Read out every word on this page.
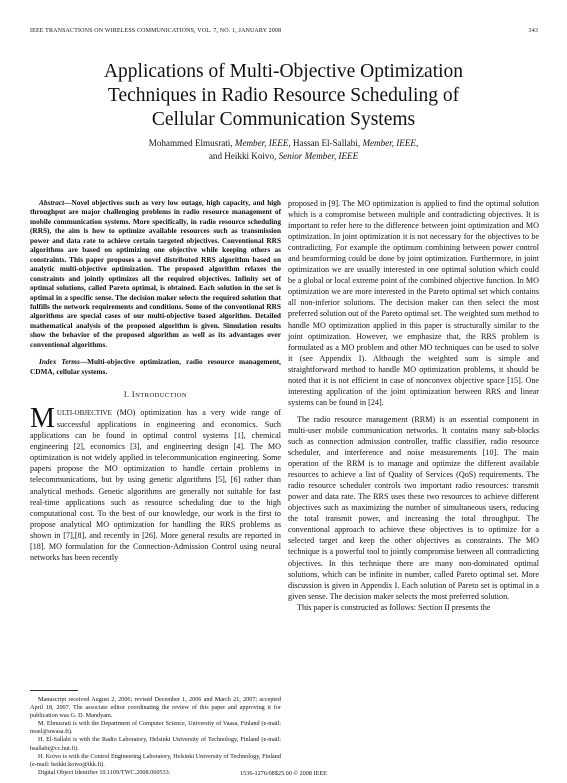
IEEE TRANSACTIONS ON WIRELESS COMMUNICATIONS, VOL. 7, NO. 1, JANUARY 2008	343
Applications of Multi-Objective Optimization
Techniques in Radio Resource Scheduling of
Cellular Communication Systems
Mohammed Elmusrati, Member, IEEE, Hassan El-Sallabi, Member, IEEE,
and Heikki Koivo, Senior Member, IEEE

Abstract—Novel objectives such as very low outage, high capacity, and high throughput are major challenging problems in radio resource management of mobile communication systems. More specifically, in radio resource scheduling (RRS), the aim is how to optimize available resources such as transmission power and data rate to achieve certain targeted objectives. Conventional RRS algorithms are based on optimizing one objective while keeping others as constraints. This paper proposes a novel distributed RRS algorithm based on analytic multi-objective optimization. The proposed algorithm relaxes the constraints and jointly optimizes all the required objectives. Infinity set of optimal solutions, called Pareto optimal, is obtained. Each solution in the set is optimal in a specific sense. The decision maker selects the required solution that fulfills the network requirements and conditions. Some of the conventional RRS algorithms are special cases of our multi-objective based algorithm. Detailed mathematical analysis of the proposed algorithm is given. Simulation results show the behavior of the proposed algorithm as well as its advantages over conventional algorithms.

Index Terms—Multi-objective optimization, radio resource management, CDMA, cellular systems.

I. INTRODUCTION

MULTI-OBJECTIVE (MO) optimization has a very wide range of successful applications in engineering and economics. Such applications can be found in optimal control systems [1], chemical engineering [2], economics [3], and engineering design [4]. The MO optimization is not widely applied in telecommunication engineering. Some papers propose the MO optimization to handle certain problems in telecommunications, but by using genetic algorithms [5], [6] rather than analytical methods. Genetic algorithms are generally not suitable for fast real-time applications such as resource scheduling due to the high computational cost. To the best of our knowledge, our work is the first to propose analytical MO optimization for handling the RRS problems as shown in [7],[8], and recently in [26]. More general results are reported in [18]. MO formulation for the Connection-Admission Control using neural networks has been recently

proposed in [9]. The MO optimization is applied to find the optimal solution which is a compromise between multiple and contradicting objectives. It is important to refer here to the difference between joint optimization and MO optimization. In joint optimization it is not necessary for the objectives to be contradicting. For example the optimum combining between power control and beamforming could be done by joint optimization. Furthermore, in joint optimization we are usually interested in one optimal solution which could be a global or local extreme point of the combined objective function. In MO optimization we are more interested in the Pareto optimal set which contains all non-inferior solutions. The decision maker can then select the most preferred solution out of the Pareto optimal set. The weighted sum method to handle MO optimization applied in this paper is structurally similar to the joint optimization. However, we emphasize that, the RRS problem is formulated as a MO problem and other MO techniques can be used to solve it (see Appendix I). Although the weighted sum is simple and straightforward method to handle MO optimization problems, it should be noted that it is not efficient in case of nonconvex objective space [15]. One interesting application of the joint optimization between RRS and linear systems can be found in [24].

The radio resource management (RRM) is an essential component in multi-user mobile communication networks. It contains many sub-blocks such as connection admission controller, traffic classifier, radio resource scheduler, and interference and noise measurements [10]. The main operation of the RRM is to manage and optimize the different available resources to achieve a list of Quality of Services (QoS) requirements. The radio resource scheduler controls two important radio resources: transmit power and data rate. The RRS uses these two resources to achieve different objectives such as maximizing the number of simultaneous users, reducing the total transmit power, and increasing the total throughput. The conventional approach to achieve these objectives is to optimize for a selected target and keep the other objectives as constraints. The MO technique is a powerful tool to jointly compromise between all contradicting objectives. In this technique there are many non-dominated optimal solutions, which can be infinite in number, called Pareto optimal set. More discussion is given in Appendix I. Each solution of Pareto set is optimal in a given sense. The decision maker selects the most preferred solution.

This paper is constructed as follows: Section II presents the

Manuscript received August 2, 2006; revised December 1, 2006 and March 21, 2007; accepted April 18, 2007. The associate editor coordinating the review of this paper and approving it for publication was G. D. Mandyam.

M. Elmusrati is with the Department of Computer Science, University of Vaasa, Finland (e-mail: moel@uwasa.fi).

H. El-Sallabi is with the Radio Laboratory, Helsinki University of Technology, Finland (e-mail: hsallabi@cc.hut.fi).

H. Koivo is with the Control Engineering Laboratory, Helsinki University of Technology, Finland (e-mail: heikki.koivo@tkk.fi).

Digital Object Identifier 10.1109/TWC.2008.060533.	1536-1276/08$25.00 © 2008 IEEE
